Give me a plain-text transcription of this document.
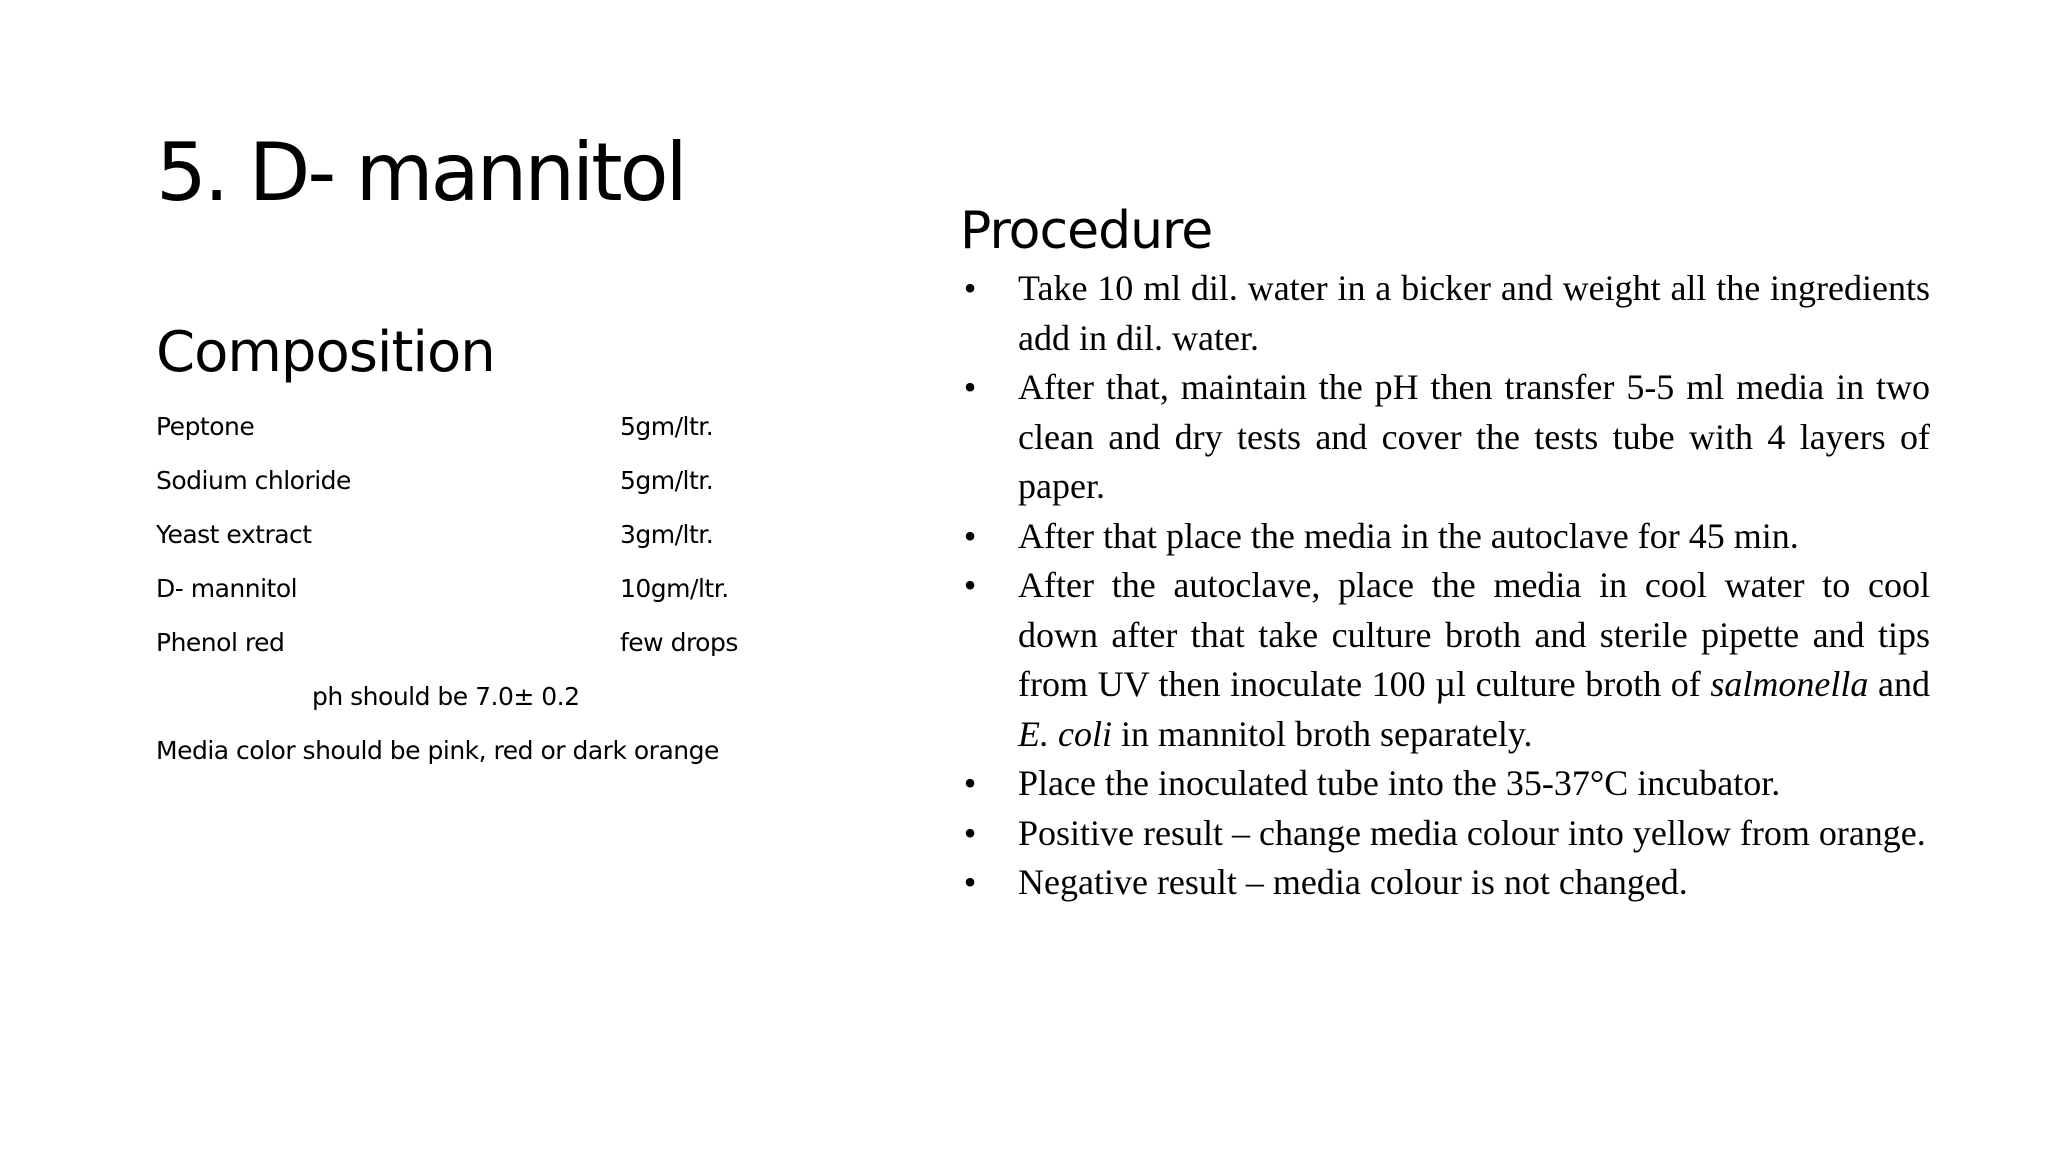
5. D- mannitol
Composition
Peptone	5gm/ltr.
Sodium chloride	5gm/ltr.
Yeast extract	3gm/ltr.
D- mannitol	10gm/ltr.
Phenol red	few drops

ph should be 7.0± 0.2

Media color should be pink, red or dark orange

Procedure
•
Take 10 ml dil. water in a bicker and weight all the ingredients add in dil. water.
•
After that, maintain the pH then transfer 5-5 ml media in two clean and dry tests and cover the tests tube with 4 layers of paper.
•
After that place the media in the autoclave for 45 min.
•
After the autoclave, place the media in cool water to cool down after that take culture broth and sterile pipette and tips from UV then inoculate 100 µl culture broth of salmonella and E. coli in mannitol broth separately.
•
Place the inoculated tube into the 35-37°C incubator.
•
Positive result – change media colour into yellow from orange.
•
Negative result – media colour is not changed.
